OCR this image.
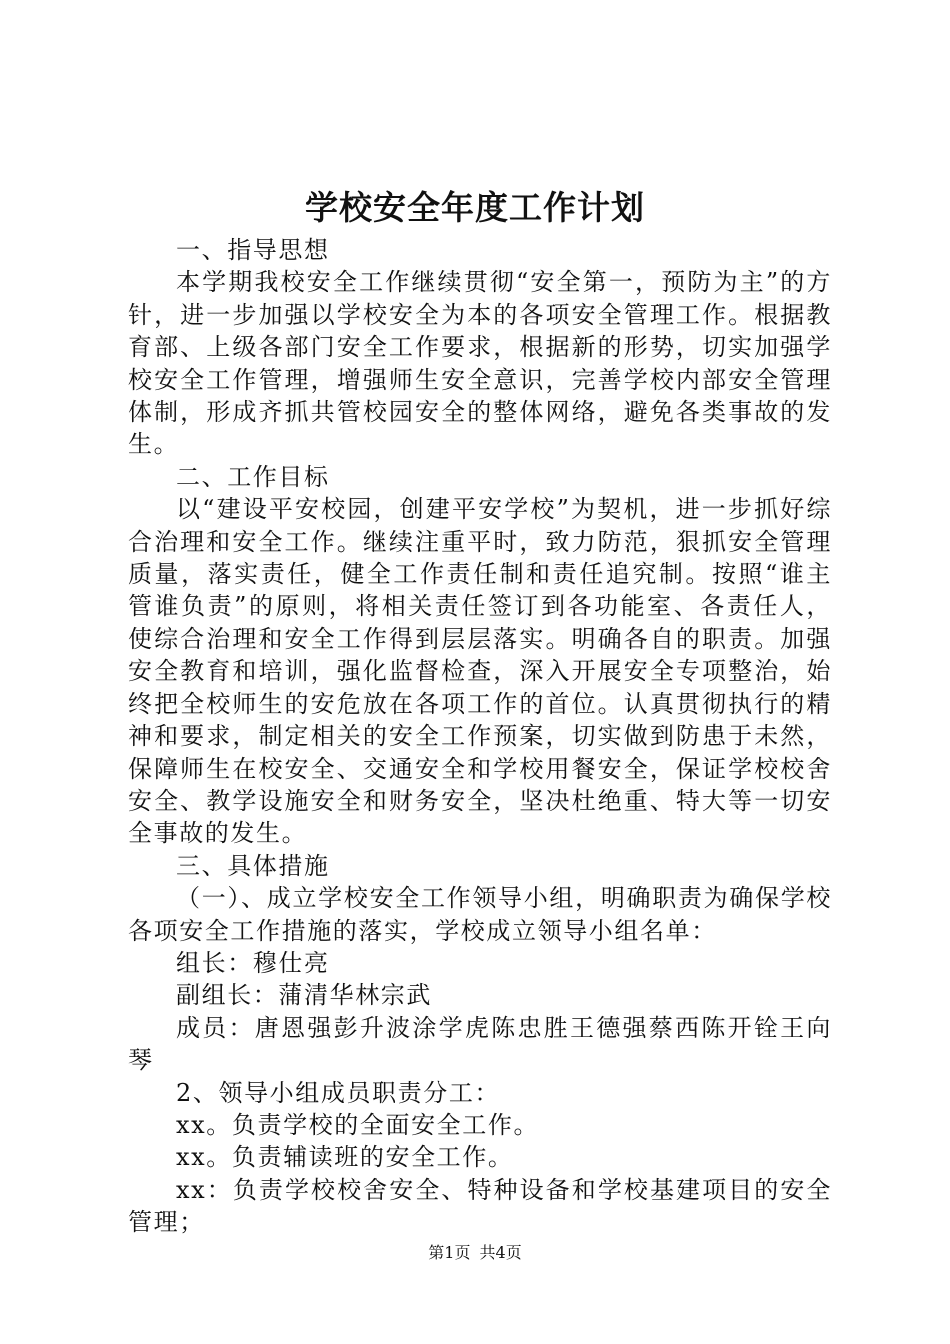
学校安全年度工作计划

一、指导思想

本学期我校安全工作继续贯彻“安全第一，预防为主”的方针，进一步加强以学校安全为本的各项安全管理工作。根据教育部、上级各部门安全工作要求，根据新的形势，切实加强学校安全工作管理，增强师生安全意识，完善学校内部安全管理体制，形成齐抓共管校园安全的整体网络，避免各类事故的发生。

二、工作目标

以“建设平安校园，创建平安学校”为契机，进一步抓好综合治理和安全工作。继续注重平时，致力防范，狠抓安全管理质量，落实责任，健全工作责任制和责任追究制。按照“谁主管谁负责”的原则，将相关责任签订到各功能室、各责任人，使综合治理和安全工作得到层层落实。明确各自的职责。加强安全教育和培训，强化监督检查，深入开展安全专项整治，始终把全校师生的安危放在各项工作的首位。认真贯彻执行的精神和要求，制定相关的安全工作预案，切实做到防患于未然，保障师生在校安全、交通安全和学校用餐安全，保证学校校舍安全、教学设施安全和财务安全，坚决杜绝重、特大等一切安全事故的发生。

三、具体措施

（一）、成立学校安全工作领导小组，明确职责为确保学校各项安全工作措施的落实，学校成立领导小组名单：

组长：穆仕亮

副组长：蒲清华林宗武

成员：唐恩强彭升波涂学虎陈忠胜王德强蔡西陈开铨王向琴

2、领导小组成员职责分工：

xx。负责学校的全面安全工作。

xx。负责辅读班的安全工作。

xx：负责学校校舍安全、特种设备和学校基建项目的安全管理；

第1页 共4页
